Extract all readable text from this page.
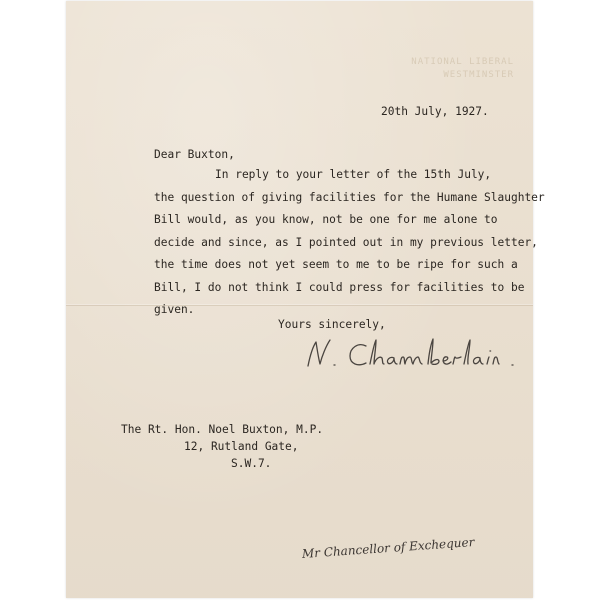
NATIONAL LIBERAL
WESTMINSTER
20th July, 1927.
Dear Buxton,
In reply to your letter of the 15th July,
the question of giving facilities for the Humane Slaughter
Bill would, as you know, not be one for me alone to
decide and since, as I pointed out in my previous letter,
the time does not yet seem to me to be ripe for such a
Bill, I do not think I could press for facilities to be
given.
Yours sincerely,
The Rt. Hon. Noel Buxton, M.P.
12, Rutland Gate,
S.W.7.
Mr Chancellor of Exchequer
